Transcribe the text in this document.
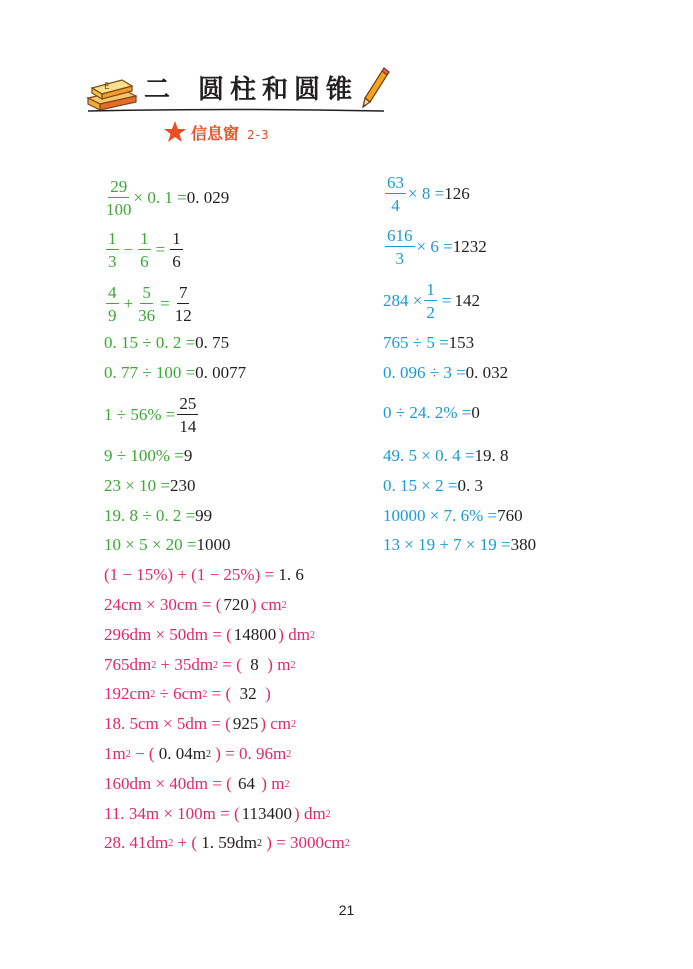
E 二 圆柱和圆锥
信息窗 2-3
$\frac{29}{100} \times 0$. 1 = 0. 029
$\frac{1}{3} - \frac{1}{6} = \frac{1}{6}$
$\frac{4}{9} + \frac{5}{36} = \frac{7}{12}$
0. 15 ÷ 0. 2 = 0. 75
0. 77 ÷ 100 = 0. 0077
$1 \div 56\% = \frac{25}{14}$
9 ÷ 100% = 9
23 × 10 = 230
19. 8 ÷ 0. 2 = 99
10 × 5 × 20 = 1000
$\frac{63}{4} \times 8 = 126$
$\frac{616}{3} \times 6 = 1232$
$284 \times \frac{1}{2} = 142$
765 ÷ 5 = 153
0. 096 ÷ 3 = 0. 032
0 ÷ 24. 2% = 0
49. 5 × 0. 4 = 19. 8
0. 15 × 2 = 0. 3
10000 × 7. 6% = 760
13 × 19 + 7 × 19 = 380
(1 − 15%) + (1 − 25%) =
1. 6
24cm × 30cm = ( 720 ) cm 2
296dm × 50dm = ( 14800 ) dm 2
765dm 2
+ 35dm 2
= (
8
) m 2
192cm 2
÷ 6cm 2
= (
32
)
18. 5cm × 5dm = ( 925 ) cm 2
1m 2
− (
0. 04m 2
) = 0. 96m 2
160dm × 40dm = (
64
) m 2
11. 34m × 100m = ( 113400 ) dm 2
28. 41dm 2
+ (
1. 59dm 2
) = 3000cm 2
21
